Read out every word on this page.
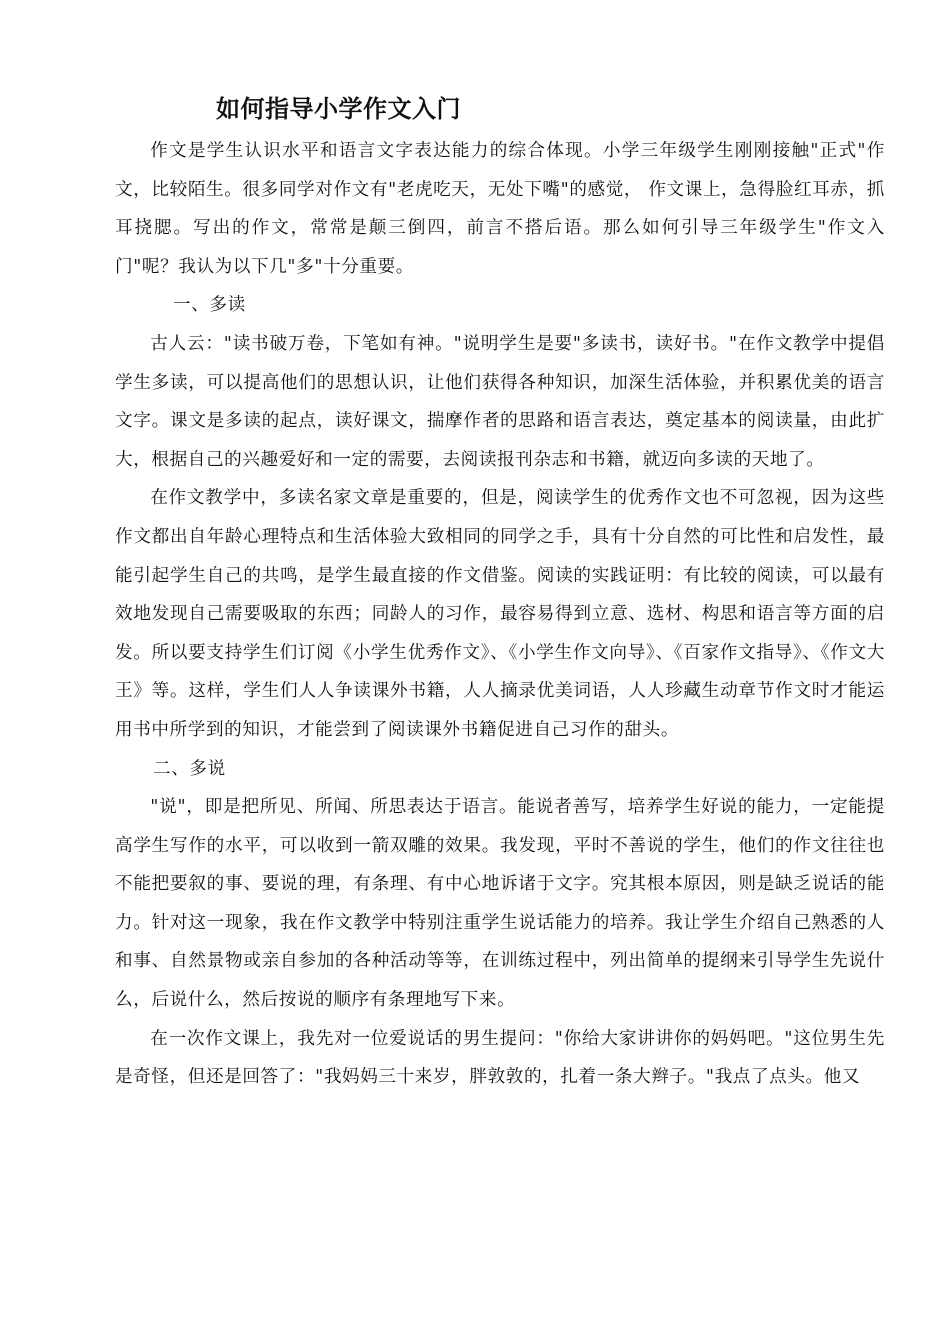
如何指导小学作文入门

作文是学生认识水平和语言文字表达能力的综合体现。小学三年级学生刚刚接触"正式"作文，比较陌生。很多同学对作文有"老虎吃天，无处下嘴"的感觉， 作文课上，急得脸红耳赤，抓耳挠腮。写出的作文，常常是颠三倒四，前言不搭后语。那么如何引导三年级学生"作文入门"呢？我认为以下几"多"十分重要。

一、多读

古人云："读书破万卷，下笔如有神。"说明学生是要"多读书，读好书。"在作文教学中提倡学生多读，可以提高他们的思想认识，让他们获得各种知识，加深生活体验，并积累优美的语言文字。课文是多读的起点，读好课文，揣摩作者的思路和语言表达，奠定基本的阅读量，由此扩大，根据自己的兴趣爱好和一定的需要，去阅读报刊杂志和书籍，就迈向多读的天地了。

在作文教学中，多读名家文章是重要的，但是，阅读学生的优秀作文也不可忽视，因为这些作文都出自年龄心理特点和生活体验大致相同的同学之手，具有十分自然的可比性和启发性，最能引起学生自己的共鸣，是学生最直接的作文借鉴。阅读的实践证明：有比较的阅读，可以最有效地发现自己需要吸取的东西；同龄人的习作，最容易得到立意、选材、构思和语言等方面的启发。所以要支持学生们订阅《小学生优秀作文》、《小学生作文向导》、《百家作文指导》、《作文大王》等。这样，学生们人人争读课外书籍，人人摘录优美词语，人人珍藏生动章节作文时才能运用书中所学到的知识，才能尝到了阅读课外书籍促进自己习作的甜头。

二、多说

"说"，即是把所见、所闻、所思表达于语言。能说者善写，培养学生好说的能力，一定能提高学生写作的水平，可以收到一箭双雕的效果。我发现，平时不善说的学生，他们的作文往往也不能把要叙的事、要说的理，有条理、有中心地诉诸于文字。究其根本原因，则是缺乏说话的能力。针对这一现象，我在作文教学中特别注重学生说话能力的培养。我让学生介绍自己熟悉的人和事、自然景物或亲自参加的各种活动等等，在训练过程中，列出简单的提纲来引导学生先说什么，后说什么，然后按说的顺序有条理地写下来。

在一次作文课上，我先对一位爱说话的男生提问："你给大家讲讲你的妈妈吧。"这位男生先是奇怪，但还是回答了："我妈妈三十来岁，胖敦敦的，扎着一条大辫子。"我点了点头。他又
